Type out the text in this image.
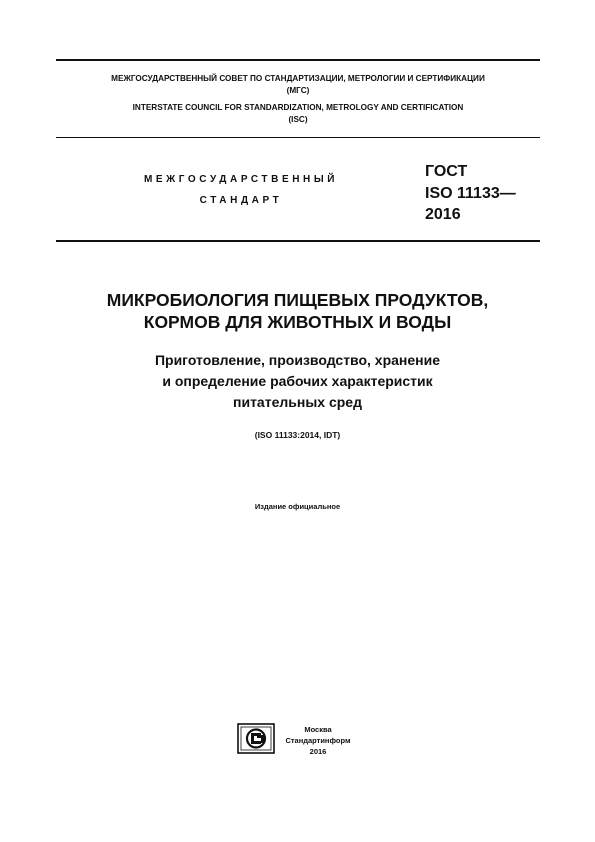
МЕЖГОСУДАРСТВЕННЫЙ СОВЕТ ПО СТАНДАРТИЗАЦИИ, МЕТРОЛОГИИ И СЕРТИФИКАЦИИ
(МГС)
INTERSTATE COUNCIL FOR STANDARDIZATION, METROLOGY AND CERTIFICATION
(ISC)
МЕЖГОСУДАРСТВЕННЫЙ
СТАНДАРТ
ГОСТ
ISO 11133—
2016
МИКРОБИОЛОГИЯ ПИЩЕВЫХ ПРОДУКТОВ,
КОРМОВ ДЛЯ ЖИВОТНЫХ И ВОДЫ
Приготовление, производство, хранение
и определение рабочих характеристик
питательных сред
(ISO 11133:2014, IDT)
Издание официальное
Москва
Стандартинформ
2016
